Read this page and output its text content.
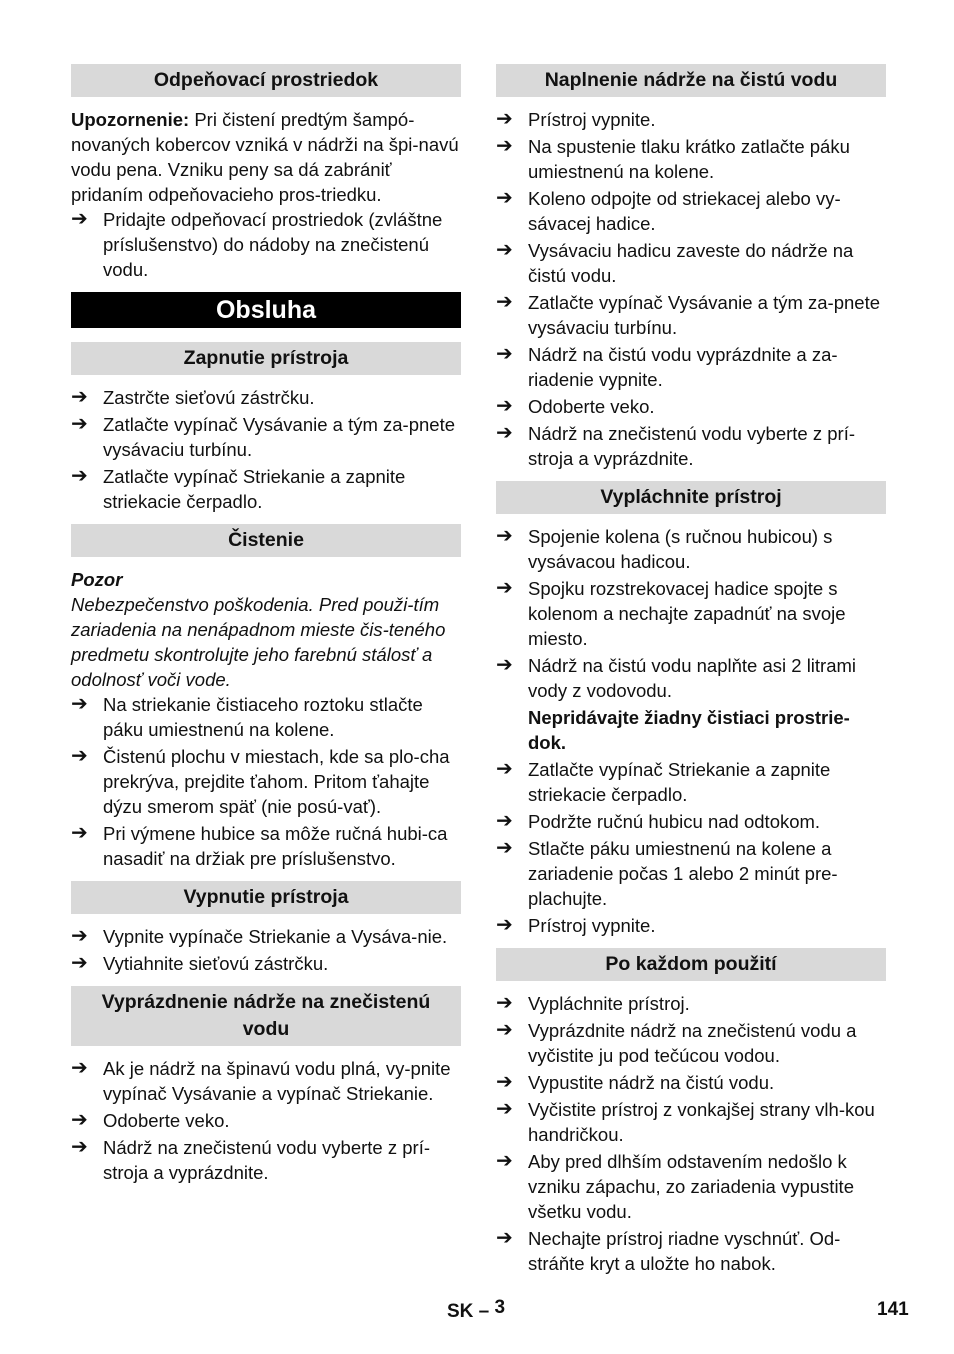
Odpeňovací prostriedok

Upozornenie: Pri čistení predtým šampó-novaných kobercov vzniká v nádrži na špi-navú vodu pena. Vzniku peny sa dá zabrániť pridaním odpeňovacieho pros-triedku.

➔ Pridajte odpeňovací prostriedok (zvláštne príslušenstvo) do nádoby na znečistenú vodu.
Obsluha
Zapnutie prístroja
➔ Zastrčte sieťovú zástrčku.
➔ Zatlačte vypínač Vysávanie a tým za-pnete vysávaciu turbínu.
➔ Zatlačte vypínač Striekanie a zapnite striekacie čerpadlo.
Čistenie
Pozor

Nebezpečenstvo poškodenia. Pred použi-tím zariadenia na nenápadnom mieste čis-teného predmetu skontrolujte jeho farebnú stálosť a odolnosť voči vode.

➔ Na striekanie čistiaceho roztoku stlačte páku umiestnenú na kolene.
➔ Čistenú plochu v miestach, kde sa plo-cha prekrýva, prejdite ťahom. Pritom ťahajte dýzu smerom späť (nie posú-vať).
➔ Pri výmene hubice sa môže ručná hubi-ca nasadiť na držiak pre príslušenstvo.
Vypnutie prístroja
➔ Vypnite vypínače Striekanie a Vysáva-nie.
➔ Vytiahnite sieťovú zástrčku.
Vyprázdnenie nádrže na znečistenú vodu
➔ Ak je nádrž na špinavú vodu plná, vy-pnite vypínač Vysávanie a vypínač Striekanie.
➔ Odoberte veko.
➔ Nádrž na znečistenú vodu vyberte z prí-stroja a vyprázdnite.
Naplnenie nádrže na čistú vodu
➔ Prístroj vypnite.
➔ Na spustenie tlaku krátko zatlačte páku umiestnenú na kolene.
➔ Koleno odpojte od striekacej alebo vy-sávacej hadice.
➔ Vysávaciu hadicu zaveste do nádrže na čistú vodu.
➔ Zatlačte vypínač Vysávanie a tým za-pnete vysávaciu turbínu.
➔ Nádrž na čistú vodu vyprázdnite a za-riadenie vypnite.
➔ Odoberte veko.
➔ Nádrž na znečistenú vodu vyberte z prí-stroja a vyprázdnite.
Vypláchnite prístroj
➔ Spojenie kolena (s ručnou hubicou) s vysávacou hadicou.
➔ Spojku rozstrekovacej hadice spojte s kolenom a nechajte zapadnúť na svoje miesto.
➔ Nádrž na čistú vodu naplňte asi 2 litrami vody z vodovodu.
Nepridávajte žiadny čistiaci prostrie-dok.
➔ Zatlačte vypínač Striekanie a zapnite striekacie čerpadlo.
➔ Podržte ručnú hubicu nad odtokom.
➔ Stlačte páku umiestnenú na kolene a zariadenie počas 1 alebo 2 minút pre-plachujte.
➔ Prístroj vypnite.
Po každom použití
➔ Vypláchnite prístroj.
➔ Vyprázdnite nádrž na znečistenú vodu a vyčistite ju pod tečúcou vodou.
➔ Vypustite nádrž na čistú vodu.
➔ Vyčistite prístroj z vonkajšej strany vlh-kou handričkou.
➔ Aby pred dlhším odstavením nedošlo k vzniku zápachu, zo zariadenia vypustite všetku vodu.
➔ Nechajte prístroj riadne vyschnúť. Od-stráňte kryt a uložte ho nabok.
SK – 3	141
